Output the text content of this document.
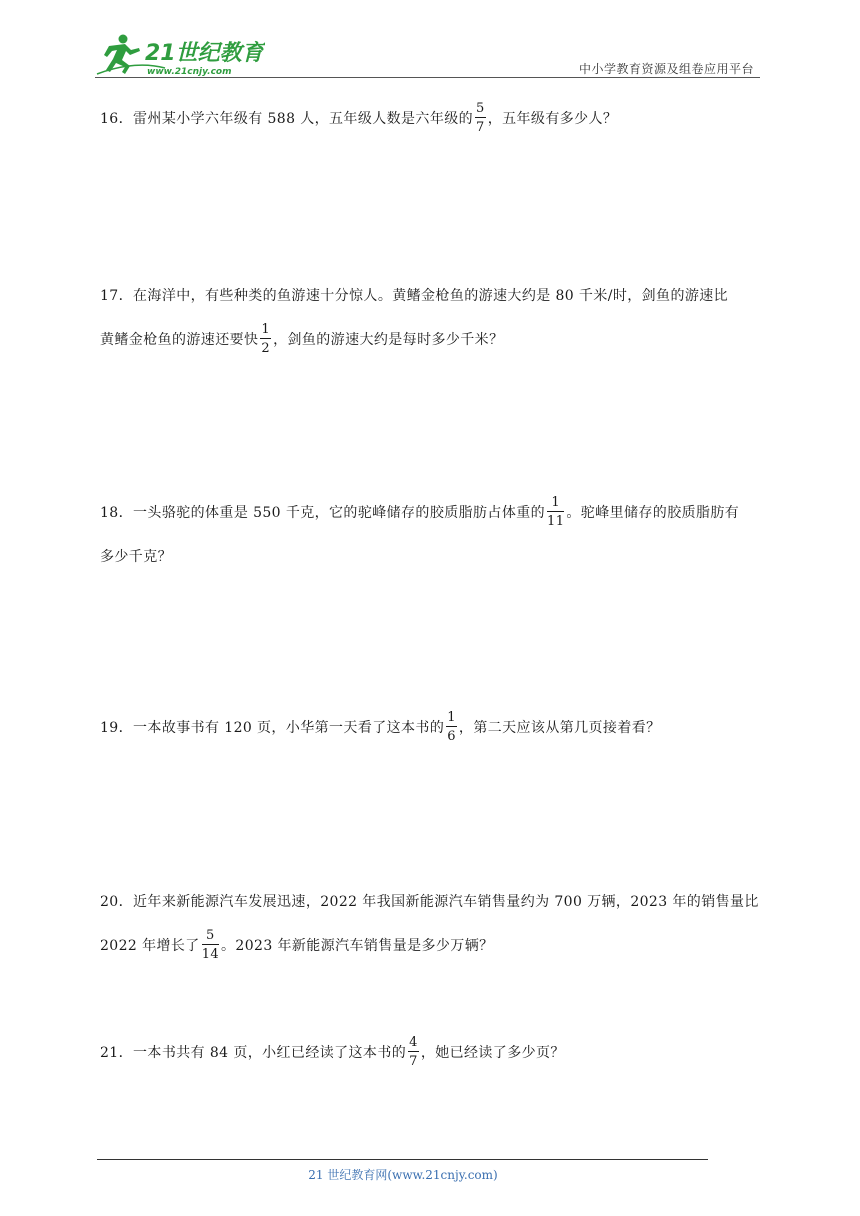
21世纪教育
www.21cnjy.com	中小学教育资源及组卷应用平台
16．雷州某小学六年级有 588 人，五年级人数是六年级的 $\frac{5}{7}$ ，五年级有多少人？
17．在海洋中，有些种类的鱼游速十分惊人。黄鳍金枪鱼的游速大约是 80 千米/时，剑鱼的游速比
黄鳍金枪鱼的游速还要快 $\frac{1}{2}$ ，剑鱼的游速大约是每时多少千米？
18．一头骆驼的体重是 550 千克，它的驼峰储存的胶质脂肪占体重的 $\frac{1}{11}$ 。驼峰里储存的胶质脂肪有
多少千克？
19．一本故事书有 120 页，小华第一天看了这本书的 $\frac{1}{6}$ ，第二天应该从第几页接着看？
20．近年来新能源汽车发展迅速，2022 年我国新能源汽车销售量约为 700 万辆，2023 年的销售量比
2022 年增长了 $\frac{5}{14}$ 。2023 年新能源汽车销售量是多少万辆？
21．一本书共有 84 页，小红已经读了这本书的 $\frac{4}{7}$ ，她已经读了多少页？
21 世纪教育网(www.21cnjy.com)
